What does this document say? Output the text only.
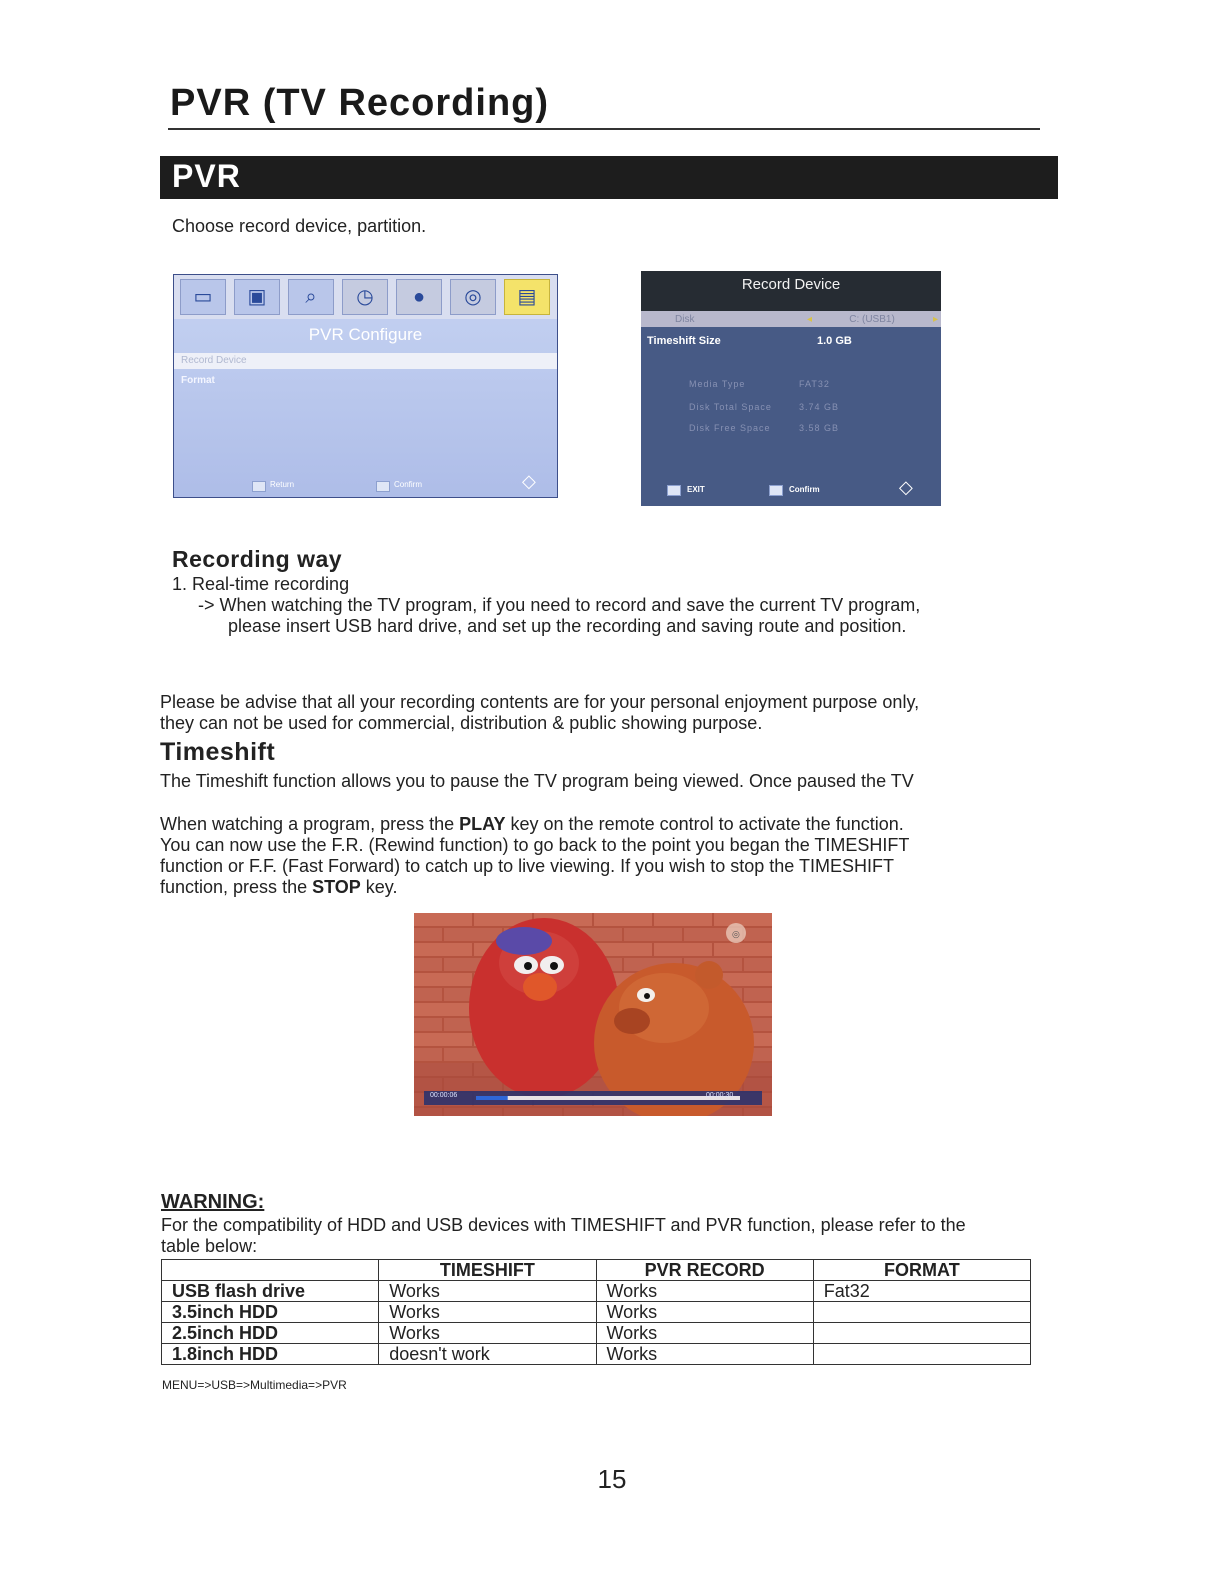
PVR (TV Recording)
PVR
Choose record device, partition.
▭	▣	⌕	◷	●	◎	▤
PVR Configure
Record Device
Format
Return	Confirm	◇
Record Device
Disk	◂	C: (USB1)	▸
Timeshift Size	1.0 GB
Media Type	FAT32
Disk Total Space	3.74 GB
Disk Free Space	3.58 GB
EXIT	Confirm	◇
Recording way
1. Real-time recording
-> When watching the TV program, if you need to record and save the current TV program,
please insert USB hard drive, and set up the recording and saving route and position.
Please be advise that all your recording contents are for your personal enjoyment purpose only,
they can not be used for commercial, distribution & public showing purpose.
Timeshift
The Timeshift function allows you to pause the TV program being viewed. Once paused the TV
When watching a program, press the PLAY key on the remote control to activate the function.
You can now use the F.R. (Rewind function) to go back to the point you began the TIMESHIFT
function or F.F. (Fast Forward) to catch up to live viewing. If you wish to stop the TIMESHIFT
function, press the STOP key.
◎
00:00:06	00:00:30
WARNING:
For the compatibility of HDD and USB devices with TIMESHIFT and PVR function, please refer to the
table below:
	TIMESHIFT	PVR RECORD	FORMAT
USB flash drive	Works	Works	Fat32
3.5inch HDD	Works	Works	
2.5inch HDD	Works	Works	
1.8inch HDD	doesn't work	Works	
MENU=>USB=>Multimedia=>PVR
15
